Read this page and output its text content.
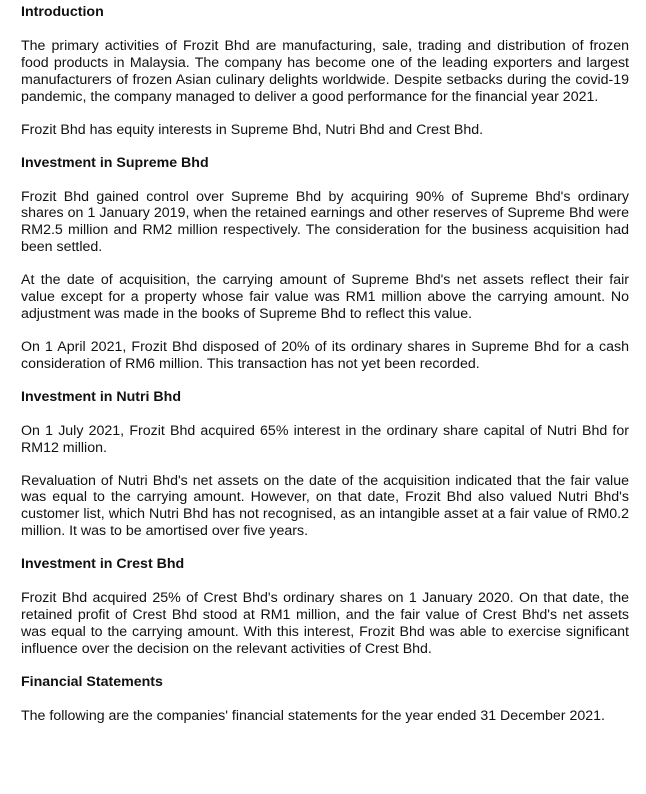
Introduction

The primary activities of Frozit Bhd are manufacturing, sale, trading and distribution of frozen food products in Malaysia. The company has become one of the leading exporters and largest manufacturers of frozen Asian culinary delights worldwide. Despite setbacks during the covid-19 pandemic, the company managed to deliver a good performance for the financial year 2021.

Frozit Bhd has equity interests in Supreme Bhd, Nutri Bhd and Crest Bhd.

Investment in Supreme Bhd

Frozit Bhd gained control over Supreme Bhd by acquiring 90% of Supreme Bhd's ordinary shares on 1 January 2019, when the retained earnings and other reserves of Supreme Bhd were RM2.5 million and RM2 million respectively. The consideration for the business acquisition had been settled.

At the date of acquisition, the carrying amount of Supreme Bhd's net assets reflect their fair value except for a property whose fair value was RM1 million above the carrying amount. No adjustment was made in the books of Supreme Bhd to reflect this value.

On 1 April 2021, Frozit Bhd disposed of 20% of its ordinary shares in Supreme Bhd for a cash consideration of RM6 million. This transaction has not yet been recorded.

Investment in Nutri Bhd

On 1 July 2021, Frozit Bhd acquired 65% interest in the ordinary share capital of Nutri Bhd for RM12 million.

Revaluation of Nutri Bhd's net assets on the date of the acquisition indicated that the fair value was equal to the carrying amount. However, on that date, Frozit Bhd also valued Nutri Bhd's customer list, which Nutri Bhd has not recognised, as an intangible asset at a fair value of RM0.2 million. It was to be amortised over five years.

Investment in Crest Bhd

Frozit Bhd acquired 25% of Crest Bhd's ordinary shares on 1 January 2020. On that date, the retained profit of Crest Bhd stood at RM1 million, and the fair value of Crest Bhd's net assets was equal to the carrying amount. With this interest, Frozit Bhd was able to exercise significant influence over the decision on the relevant activities of Crest Bhd.

Financial Statements

The following are the companies' financial statements for the year ended 31 December 2021.
